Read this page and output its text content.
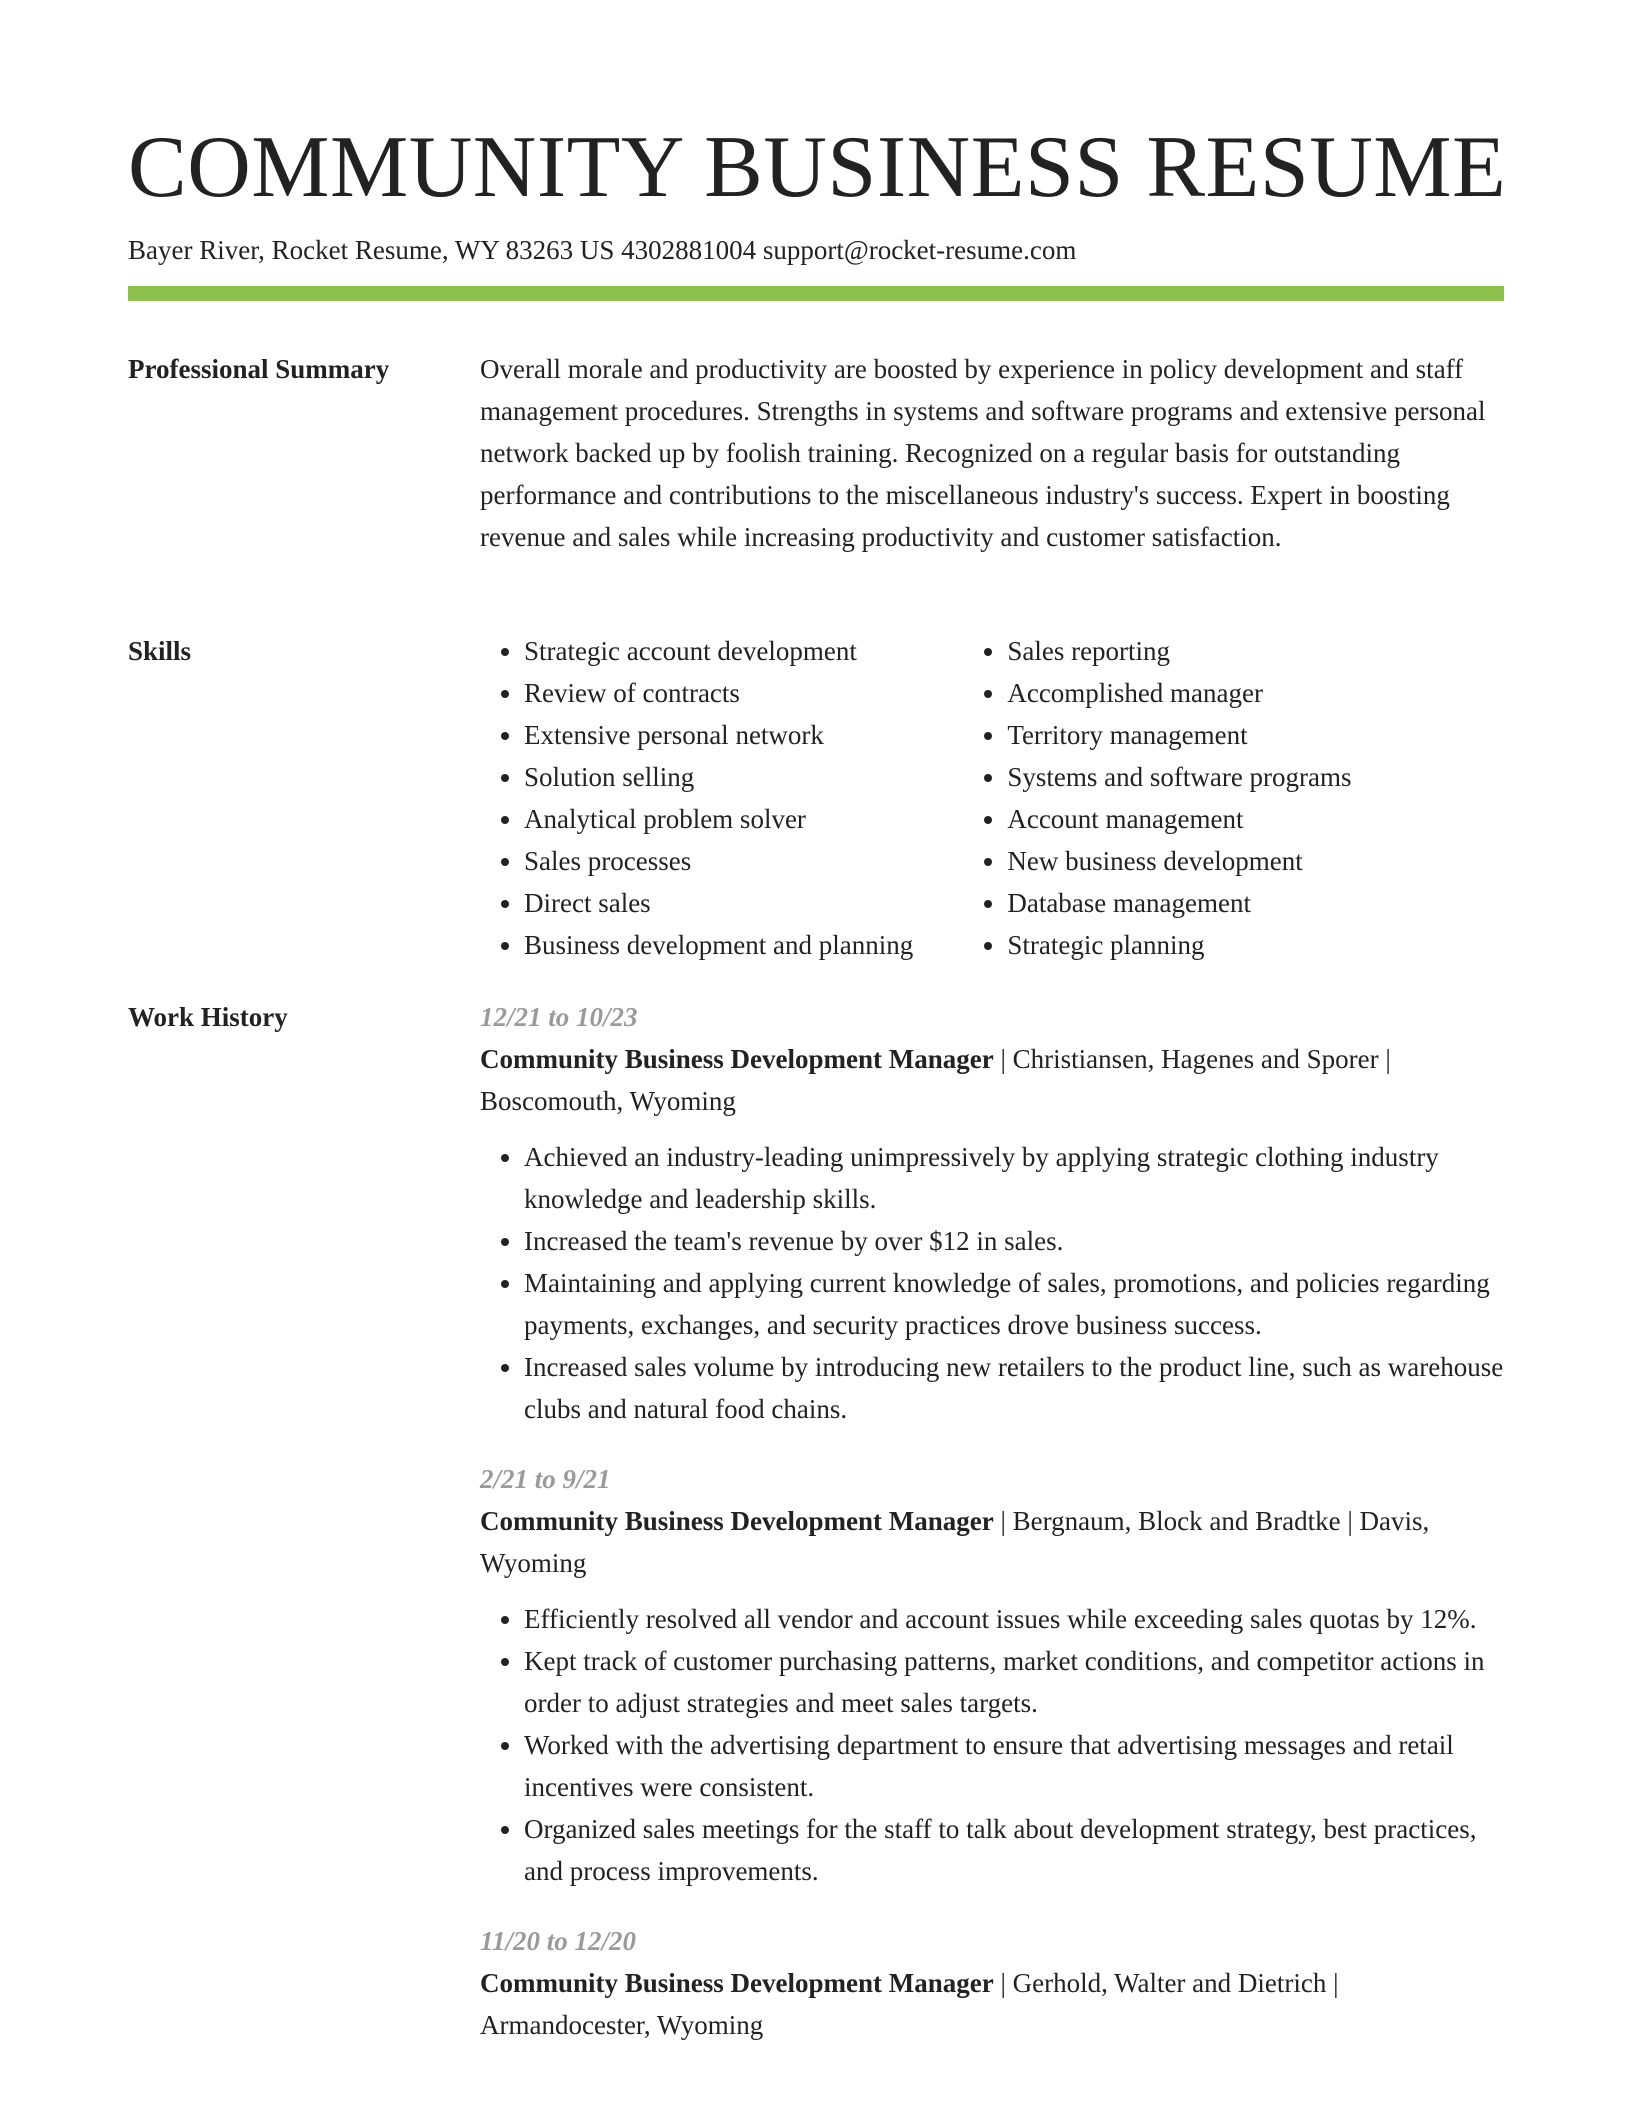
COMMUNITY BUSINESS RESUME

Bayer River, Rocket Resume, WY 83263 US 4302881004 support@rocket-resume.com

Professional Summary	Overall morale and productivity are boosted by experience in policy development and staff management procedures. Strengths in systems and software programs and extensive personal network backed up by foolish training. Recognized on a regular basis for outstanding performance and contributions to the miscellaneous industry's success. Expert in boosting revenue and sales while increasing productivity and customer satisfaction.

Skills
•	Strategic account development
• Review of contracts
• Extensive personal network
• Solution selling
• Analytical problem solver
• Sales processes
• Direct sales
• Business development and planning
• Sales reporting
• Accomplished manager
• Territory management
• Systems and software programs
• Account management
• New business development
• Database management
• Strategic planning
Work History	12/21 to 10/23

Community Business Development Manager | Christiansen, Hagenes and Sporer | Boscomouth, Wyoming

• Achieved an industry-leading unimpressively by applying strategic clothing industry knowledge and leadership skills.
• Increased the team's revenue by over $12 in sales.
• Maintaining and applying current knowledge of sales, promotions, and policies regarding payments, exchanges, and security practices drove business success.
• Increased sales volume by introducing new retailers to the product line, such as warehouse clubs and natural food chains.

2/21 to 9/21

Community Business Development Manager | Bergnaum, Block and Bradtke | Davis, Wyoming

• Efficiently resolved all vendor and account issues while exceeding sales quotas by 12%.
• Kept track of customer purchasing patterns, market conditions, and competitor actions in order to adjust strategies and meet sales targets.
• Worked with the advertising department to ensure that advertising messages and retail incentives were consistent.
• Organized sales meetings for the staff to talk about development strategy, best practices, and process improvements.

11/20 to 12/20

Community Business Development Manager | Gerhold, Walter and Dietrich | Armandocester, Wyoming
